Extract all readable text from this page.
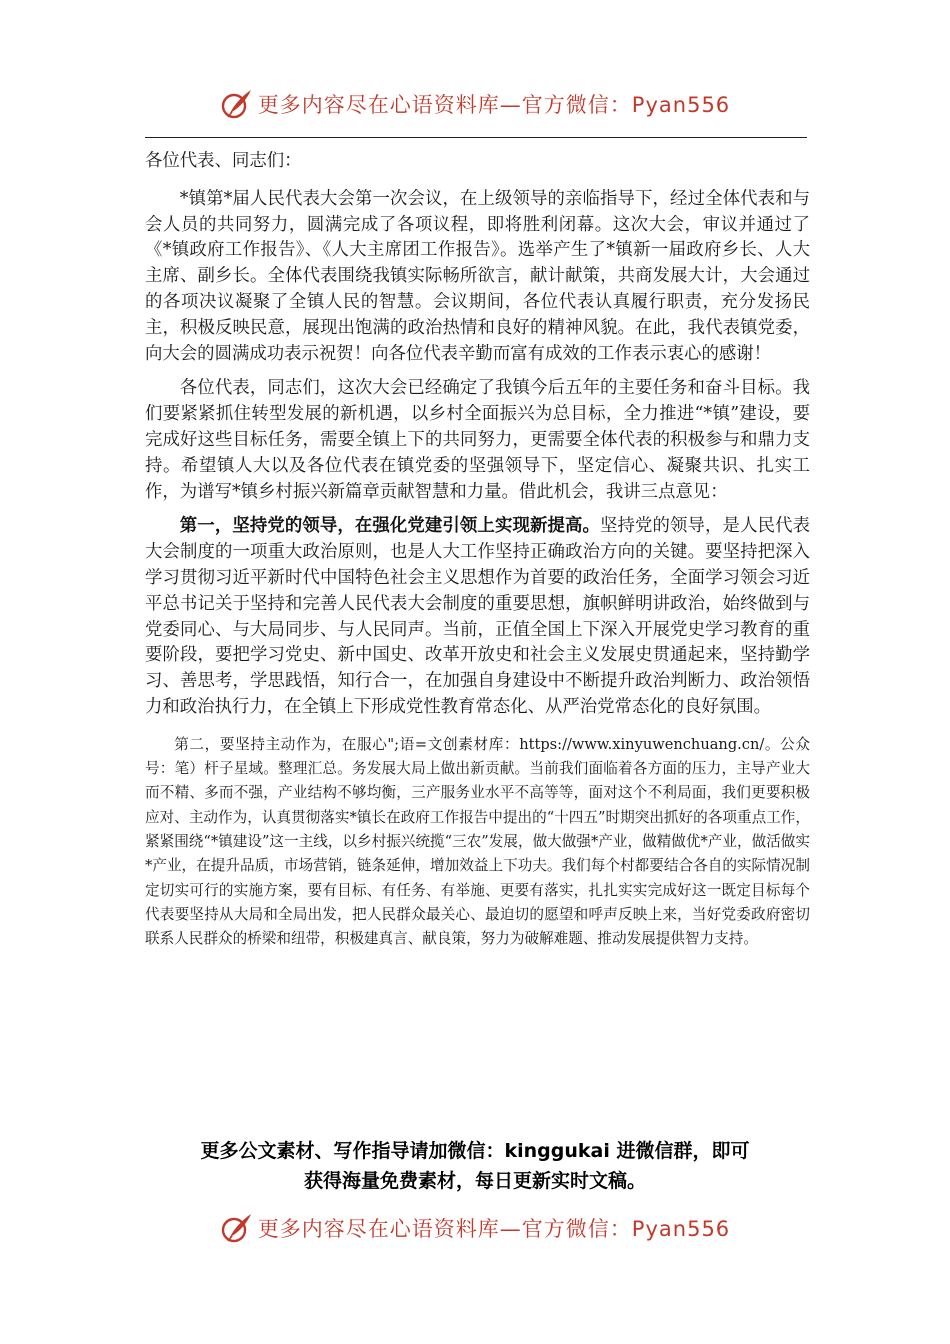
更多内容尽在心语资料库—官方微信：Pyan556

各位代表、同志们：

*镇第*届人民代表大会第一次会议，在上级领导的亲临指导下，经过全体代表和与会人员的共同努力，圆满完成了各项议程，即将胜利闭幕。这次大会，审议并通过了《*镇政府工作报告》、《人大主席团工作报告》。选举产生了*镇新一届政府乡长、人大主席、副乡长。全体代表围绕我镇实际畅所欲言，献计献策，共商发展大计，大会通过的各项决议凝聚了全镇人民的智慧。会议期间，各位代表认真履行职责，充分发扬民主，积极反映民意，展现出饱满的政治热情和良好的精神风貌。在此，我代表镇党委，向大会的圆满成功表示祝贺！向各位代表辛勤而富有成效的工作表示衷心的感谢！

各位代表，同志们，这次大会已经确定了我镇今后五年的主要任务和奋斗目标。我们要紧紧抓住转型发展的新机遇，以乡村全面振兴为总目标，全力推进“*镇”建设，要完成好这些目标任务，需要全镇上下的共同努力，更需要全体代表的积极参与和鼎力支持。希望镇人大以及各位代表在镇党委的坚强领导下，坚定信心、凝聚共识、扎实工作，为谱写*镇乡村振兴新篇章贡献智慧和力量。借此机会，我讲三点意见：

第一，坚持党的领导，在强化党建引领上实现新提高。坚持党的领导，是人民代表大会制度的一项重大政治原则，也是人大工作坚持正确政治方向的关键。要坚持把深入学习贯彻习近平新时代中国特色社会主义思想作为首要的政治任务，全面学习领会习近平总书记关于坚持和完善人民代表大会制度的重要思想，旗帜鲜明讲政治，始终做到与党委同心、与大局同步、与人民同声。当前，正值全国上下深入开展党史学习教育的重要阶段，要把学习党史、新中国史、改革开放史和社会主义发展史贯通起来，坚持勤学习、善思考，学思践悟，知行合一，在加强自身建设中不断提升政治判断力、政治领悟力和政治执行力，在全镇上下形成党性教育常态化、从严治党常态化的良好氛围。

第二，要坚持主动作为，在服心";语=文创素材库：https://www.xinyuwenchuang.cn/。公众号：笔）杆子星域。整理汇总。务发展大局上做出新贡献。当前我们面临着各方面的压力，主导产业大而不精、多而不强，产业结构不够均衡，三产服务业水平不高等等，面对这个不利局面，我们更要积极应对、主动作为，认真贯彻落实*镇长在政府工作报告中提出的“十四五”时期突出抓好的各项重点工作，紧紧围绕“*镇建设”这一主线，以乡村振兴统揽“三农”发展，做大做强*产业，做精做优*产业，做活做实*产业，在提升品质，市场营销，链条延伸，增加效益上下功夫。我们每个村都要结合各自的实际情况制定切实可行的实施方案，要有目标、有任务、有举施、更要有落实，扎扎实实完成好这一既定目标每个代表要坚持从大局和全局出发，把人民群众最关心、最迫切的愿望和呼声反映上来，当好党委政府密切联系人民群众的桥梁和纽带，积极建真言、献良策，努力为破解难题、推动发展提供智力支持。

更多公文素材、写作指导请加微信：kinggukai 进微信群，即可
获得海量免费素材，每日更新实时文稿。
更多内容尽在心语资料库—官方微信：Pyan556
